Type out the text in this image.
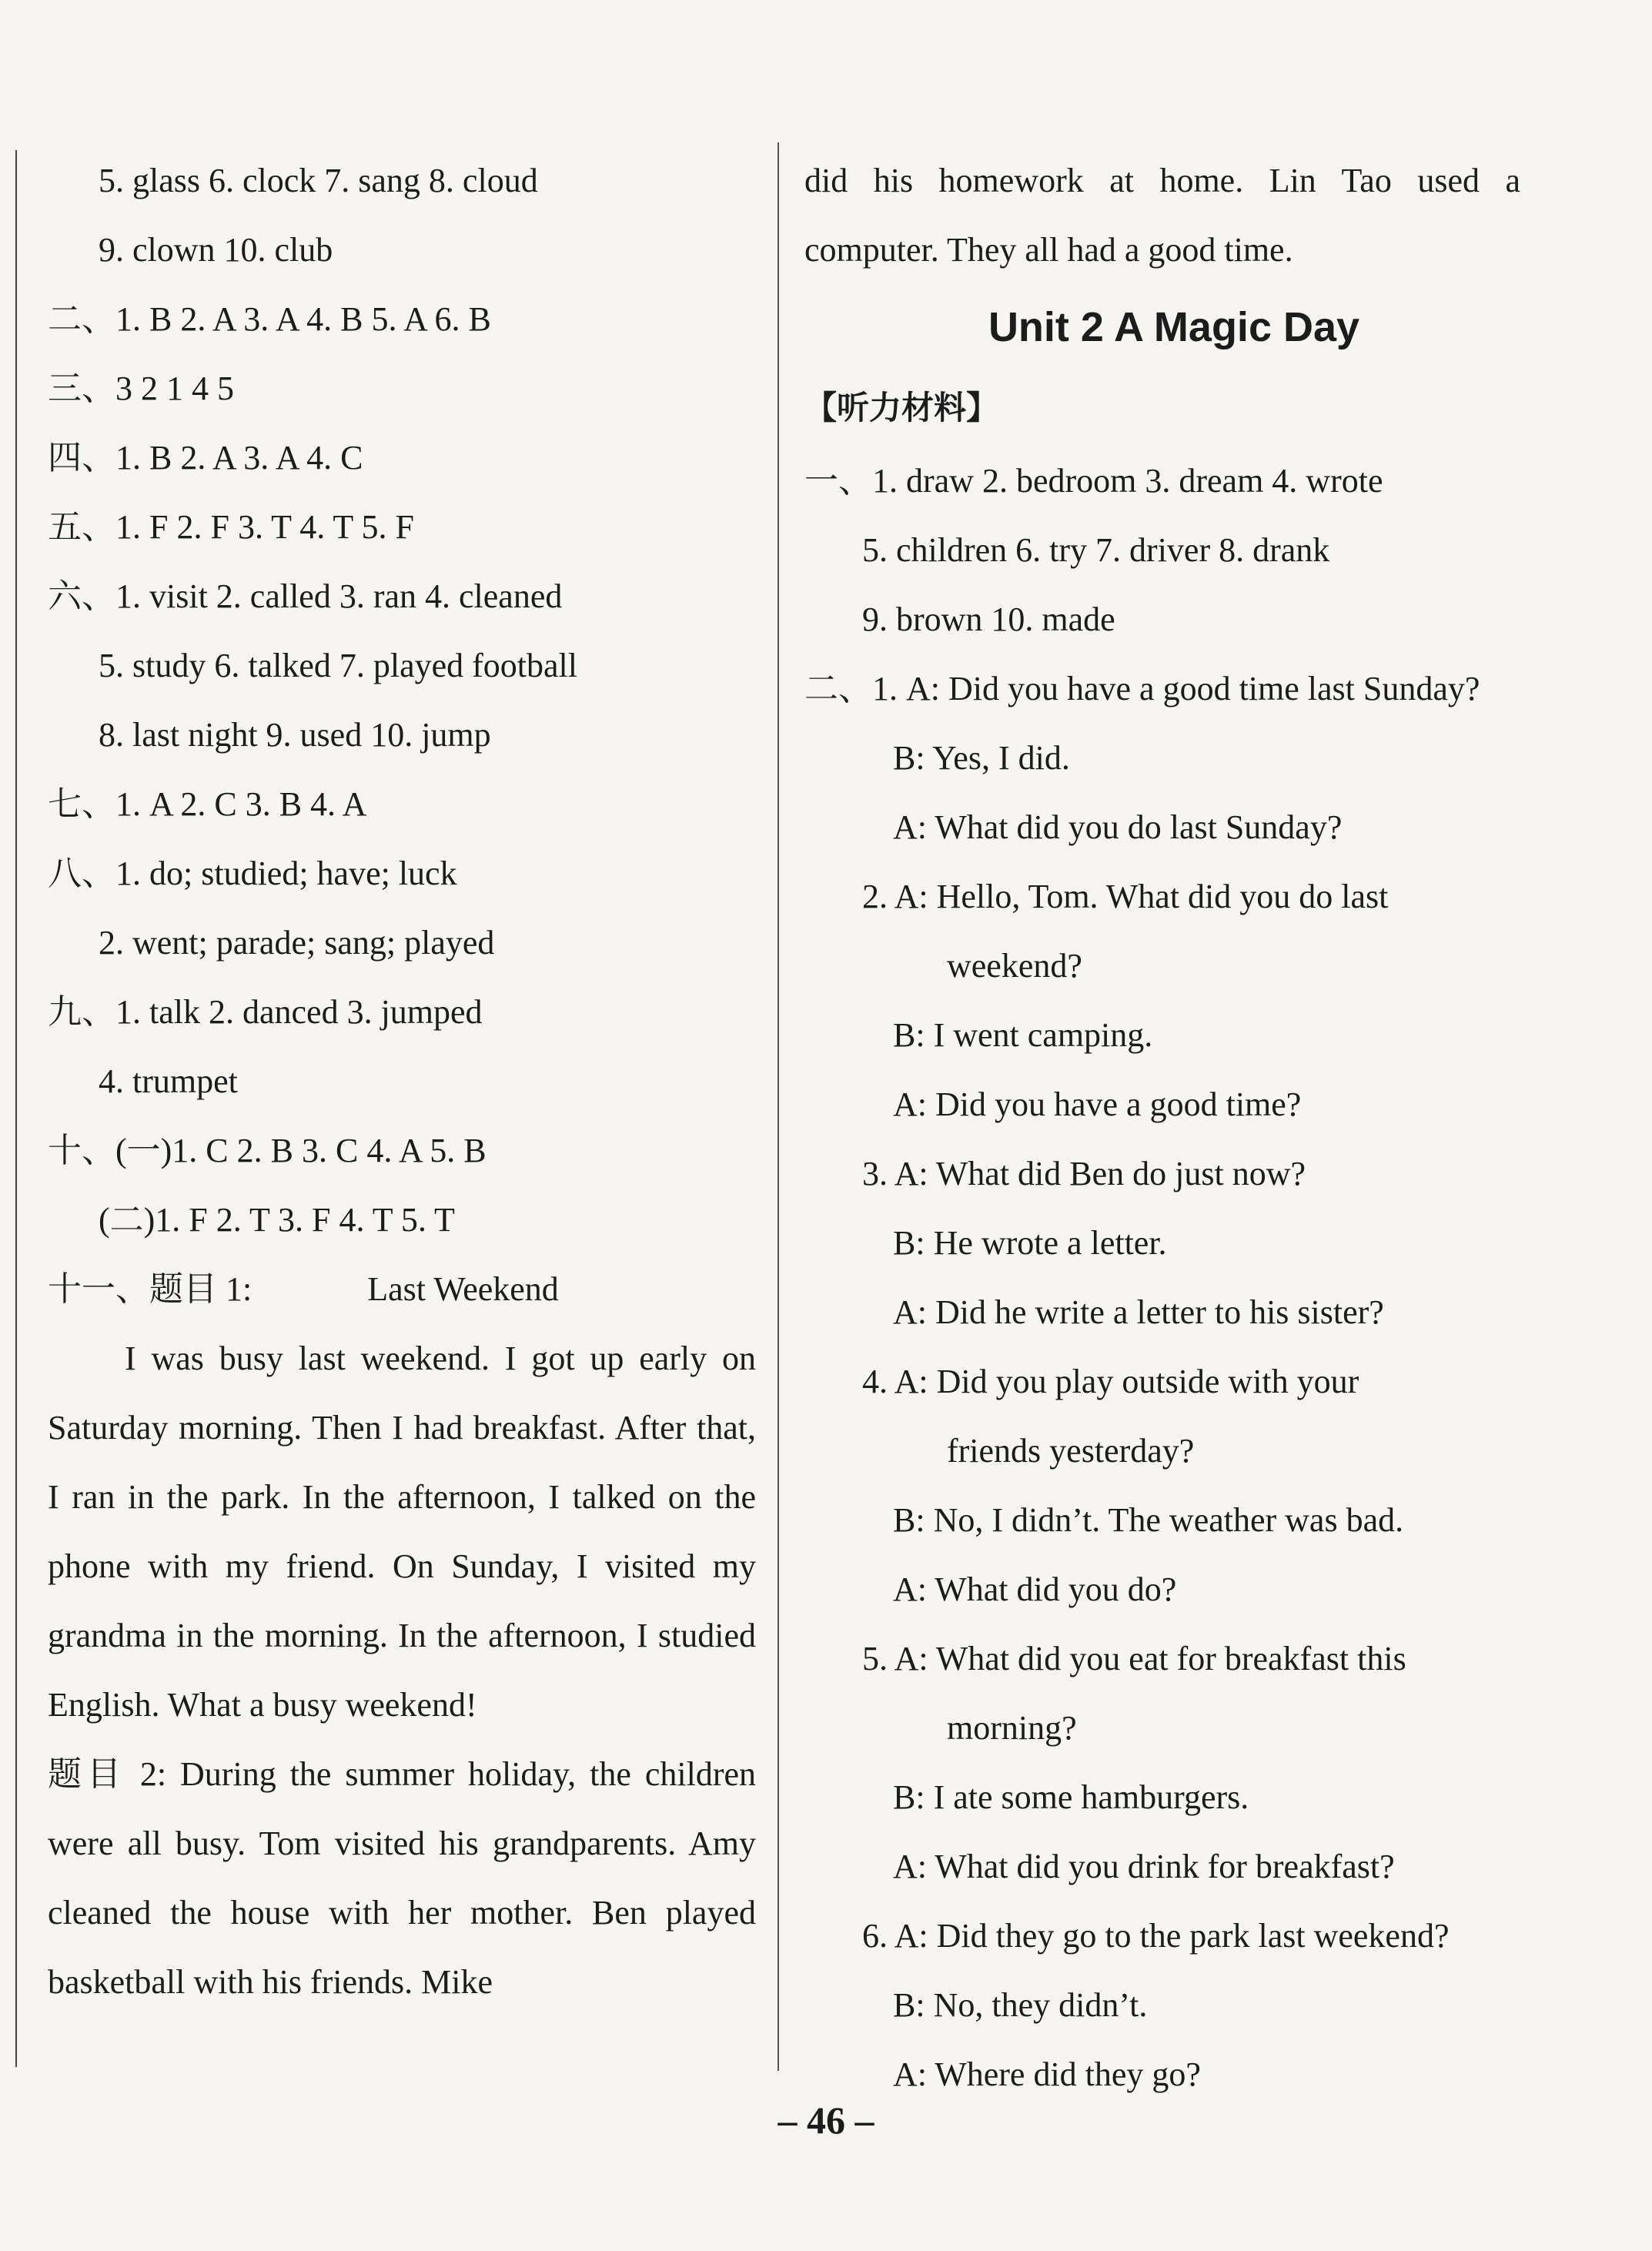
5. glass 6. clock 7. sang 8. cloud
9. clown 10. club
二、1. B 2. A 3. A 4. B 5. A 6. B
三、3 2 1 4 5
四、1. B 2. A 3. A 4. C
五、1. F 2. F 3. T 4. T 5. F
六、1. visit 2. called 3. ran 4. cleaned
5. study 6. talked 7. played football
8. last night 9. used 10. jump
七、1. A 2. C 3. B 4. A
八、1. do; studied; have; luck
2. went; parade; sang; played
九、1. talk 2. danced 3. jumped
4. trumpet
十、(一)1. C 2. B 3. C 4. A 5. B
(二)1. F 2. T 3. F 4. T 5. T
十一、题目 1:	Last Weekend
I was busy last weekend. I got up early on Saturday morning. Then I had breakfast. After that, I ran in the park. In the afternoon, I talked on the phone with my friend. On Sunday, I visited my grandma in the morning. In the afternoon, I studied English. What a busy weekend!
题目 2: During the summer holiday, the children were all busy. Tom visited his grandparents. Amy cleaned the house with her mother. Ben played basketball with his friends. Mike
did his homework at home. Lin Tao used a computer. They all had a good time.
Unit 2 A Magic Day
【听力材料】
一、1. draw 2. bedroom 3. dream 4. wrote
5. children 6. try 7. driver 8. drank
9. brown 10. made
二、1. A: Did you have a good time last Sunday?
B: Yes, I did.
A: What did you do last Sunday?
2. A: Hello, Tom. What did you do last
weekend?
B: I went camping.
A: Did you have a good time?
3. A: What did Ben do just now?
B: He wrote a letter.
A: Did he write a letter to his sister?
4. A: Did you play outside with your
friends yesterday?
B: No, I didn’t. The weather was bad.
A: What did you do?
5. A: What did you eat for breakfast this
morning?
B: I ate some hamburgers.
A: What did you drink for breakfast?
6. A: Did they go to the park last weekend?
B: No, they didn’t.
A: Where did they go?
– 46 –
